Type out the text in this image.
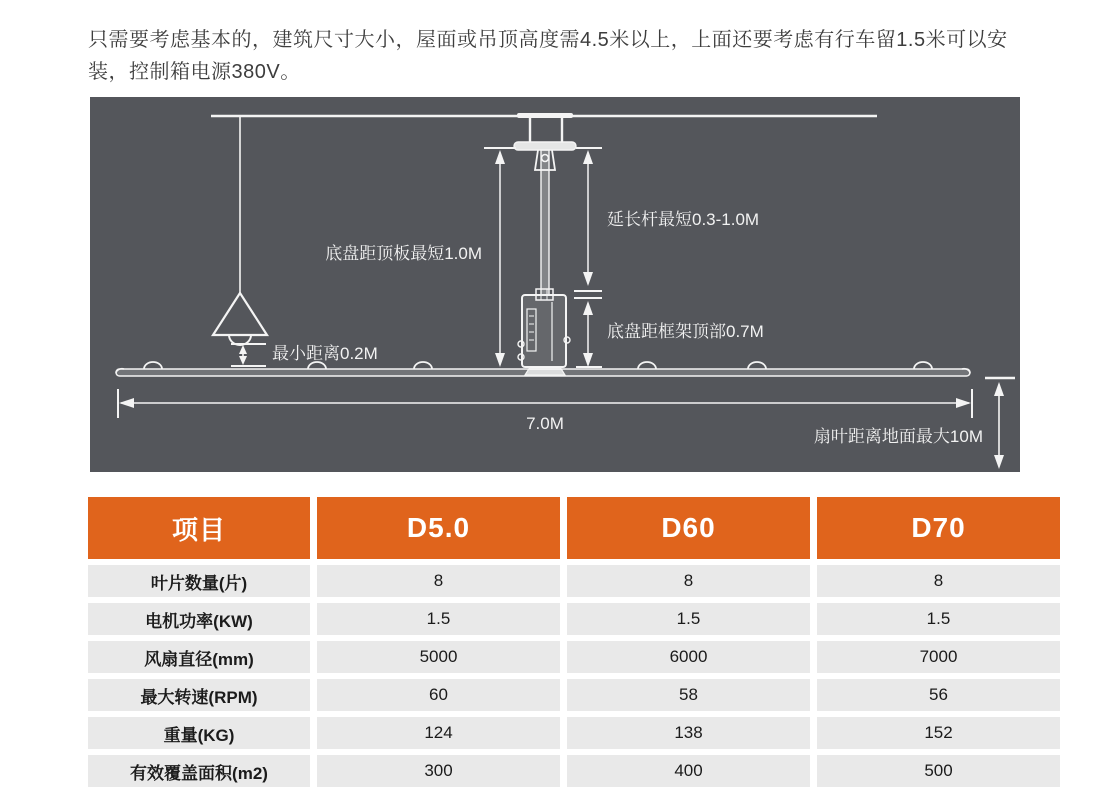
只需要考虑基本的，建筑尺寸大小，屋面或吊顶高度需4.5米以上，上面还要考虑有行车留1.5米可以安
装，控制箱电源380V。
最小距离0.2M
底盘距顶板最短1.0M
延长杆最短0.3-1.0M
底盘距框架顶部0.7M
7.0M
扇叶距离地面最大10M
项目	D5.0	D60	D70
叶片数量(片)	8	8	8
电机功率(KW)	1.5	1.5	1.5
风扇直径(mm)	5000	6000	7000
最大转速(RPM)	60	58	56
重量(KG)	124	138	152
有效覆盖面积(m2)	300	400	500
